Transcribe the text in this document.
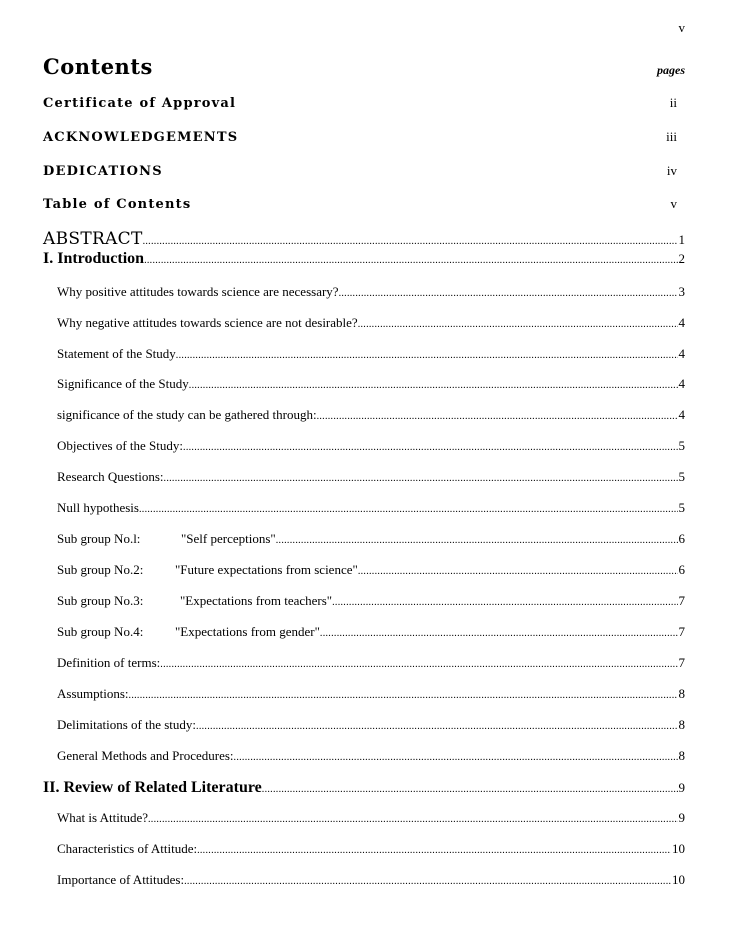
v
Contents	pages
Certificate of Approval	ii
ACKNOWLEDGEMENTS	iii
DEDICATIONS	iv
Table of Contents	v
ABSTRACT .....	1
I. Introduction .....	2
Why positive attitudes towards science are necessary? .....	3
Why negative attitudes towards science are not desirable? .....	4
Statement of the Study .....	4
Significance of the Study .....	4
significance of the study can be gathered through: .....	4
Objectives of the Study: .....	5
Research Questions: .....	5
Null hypothesis .....	5
Sub group No.l:	"Self perceptions" .....	6
Sub group No.2: "Future expectations from science" .....	6
Sub group No.3:	"Expectations from teachers" .....	7
Sub group No.4: "Expectations from gender" .....	7
Definition of terms: .....	7
Assumptions: .....	8
Delimitations of the study: .....	8
General Methods and Procedures: .....	8
II. Review of Related Literature .....	9
What is Attitude? .....	9
Characteristics of Attitude: .....	10
Importance of Attitudes: .....	10
